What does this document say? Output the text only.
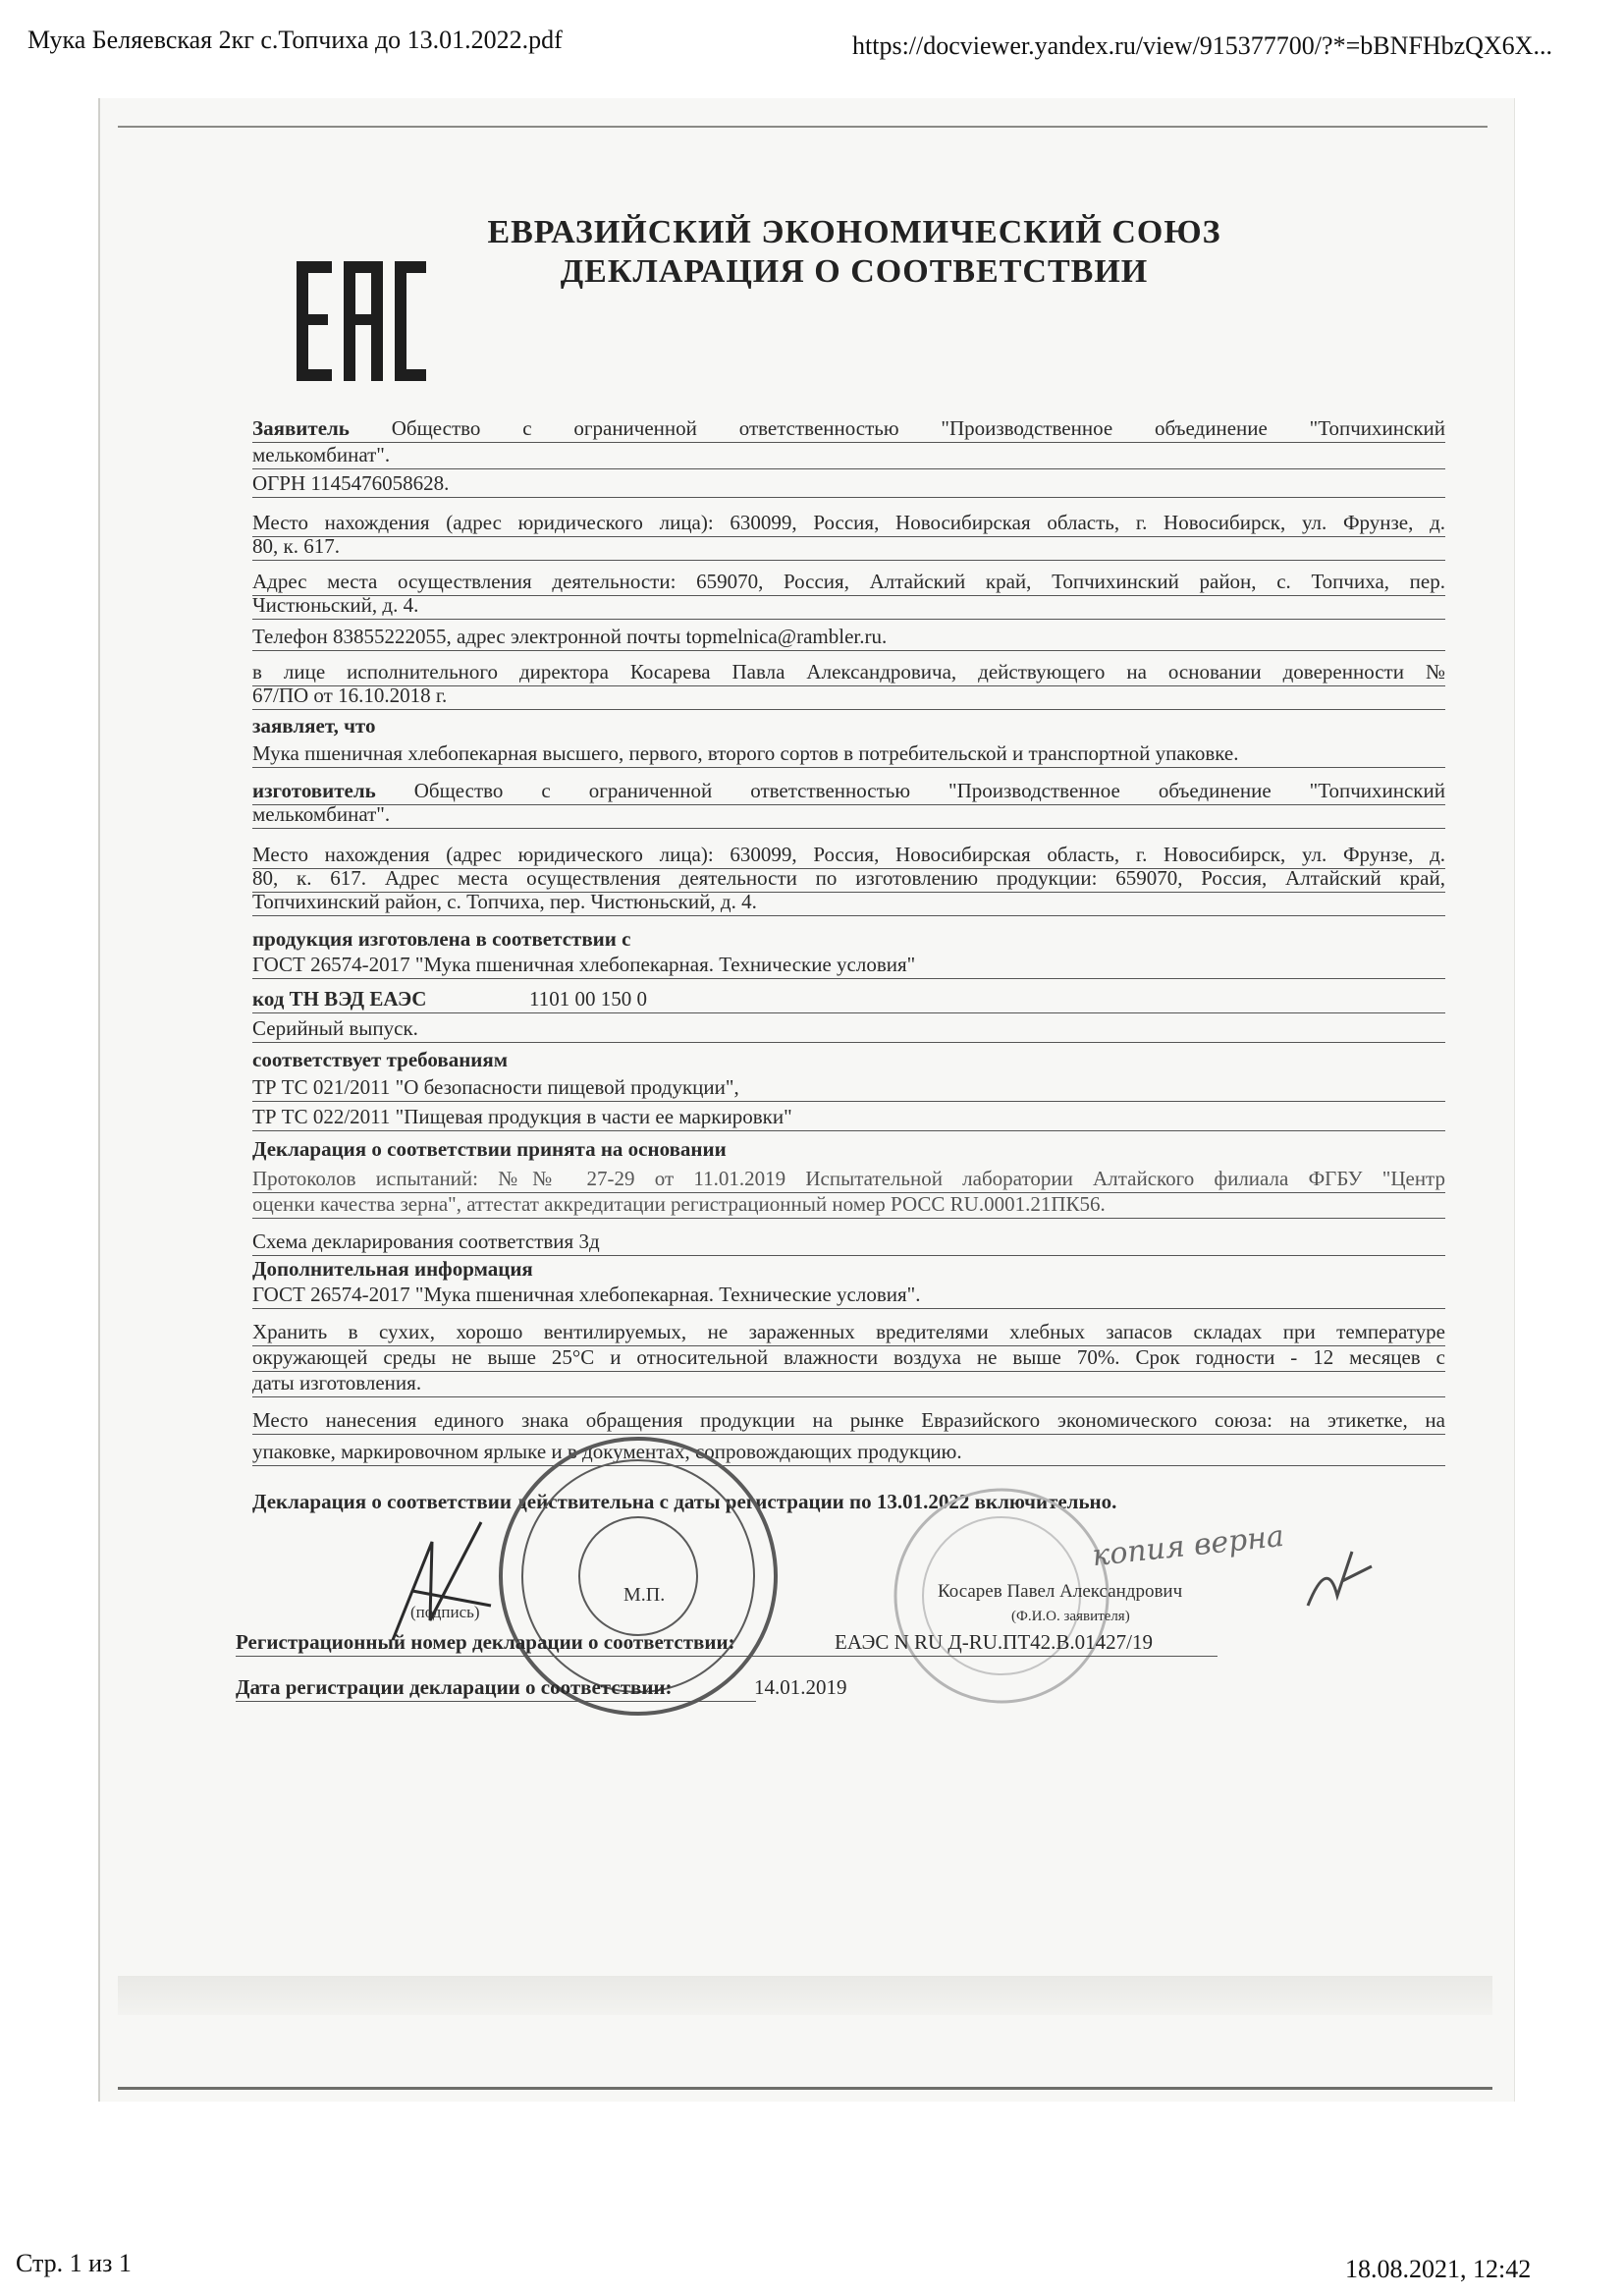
Мука Беляевская 2кг с.Топчиха до 13.01.2022.pdf	https://docviewer.yandex.ru/view/915377700/?*=bBNFHbzQX6X...
Стр. 1 из 1	18.08.2021, 12:42
ЕВРАЗИЙСКИЙ ЭКОНОМИЧЕСКИЙ СОЮЗ
ДЕКЛАРАЦИЯ О СООТВЕТСТВИИ
Заявитель Общество с ограниченной ответственностью "Производственное объединение "Топчихинский
мелькомбинат".
ОГРН 1145476058628.
Место нахождения (адрес юридического лица): 630099, Россия, Новосибирская область, г. Новосибирск, ул. Фрунзе, д.
80, к. 617.
Адрес места осуществления деятельности: 659070, Россия, Алтайский край, Топчихинский район, с. Топчиха, пер.
Чистюньский, д. 4.
Телефон 83855222055, адрес электронной почты topmelnica@rambler.ru.
в лице исполнительного директора Косарева Павла Александровича, действующего на основании доверенности №
67/ПО от 16.10.2018 г.
заявляет, что
Мука пшеничная хлебопекарная высшего, первого, второго сортов в потребительской и транспортной упаковке.
изготовитель Общество с ограниченной ответственностью "Производственное объединение "Топчихинский
мелькомбинат".
Место нахождения (адрес юридического лица): 630099, Россия, Новосибирская область, г. Новосибирск, ул. Фрунзе, д.
80, к. 617. Адрес места осуществления деятельности по изготовлению продукции: 659070, Россия, Алтайский край,
Топчихинский район, с. Топчиха, пер. Чистюньский, д. 4.
продукция изготовлена в соответствии с
ГОСТ 26574-2017 "Мука пшеничная хлебопекарная. Технические условия"
код ТН ВЭД ЕАЭС	1101 00 150 0
Серийный выпуск.
соответствует требованиям
ТР ТС 021/2011 "О безопасности пищевой продукции",
ТР ТС 022/2011 "Пищевая продукция в части ее маркировки"
Декларация о соответствии принята на основании
Протоколов испытаний: №№ 27-29 от 11.01.2019 Испытательной лаборатории Алтайского филиала ФГБУ "Центр
оценки качества зерна", аттестат аккредитации регистрационный номер РОСС RU.0001.21ПК56.
Схема декларирования соответствия 3д
Дополнительная информация
ГОСТ 26574-2017 "Мука пшеничная хлебопекарная. Технические условия".
Хранить в сухих, хорошо вентилируемых, не зараженных вредителями хлебных запасов складах при температуре
окружающей среды не выше 25°С и относительной влажности воздуха не выше 70%. Срок годности - 12 месяцев с
даты изготовления.
Место нанесения единого знака обращения продукции на рынке Евразийского экономического союза: на этикетке, на
упаковке, маркировочном ярлыке и в документах, сопровождающих продукцию.
Декларация о соответствии действительна с даты регистрации по 13.01.2022 включительно.
(подпись)
М.П.
копия верна
Косарев Павел Александрович
(Ф.И.О. заявителя)
Регистрационный номер декларации о соответствии:	ЕАЭС N RU Д-RU.ПТ42.В.01427/19
Дата регистрации декларации о соответствии:	14.01.2019
